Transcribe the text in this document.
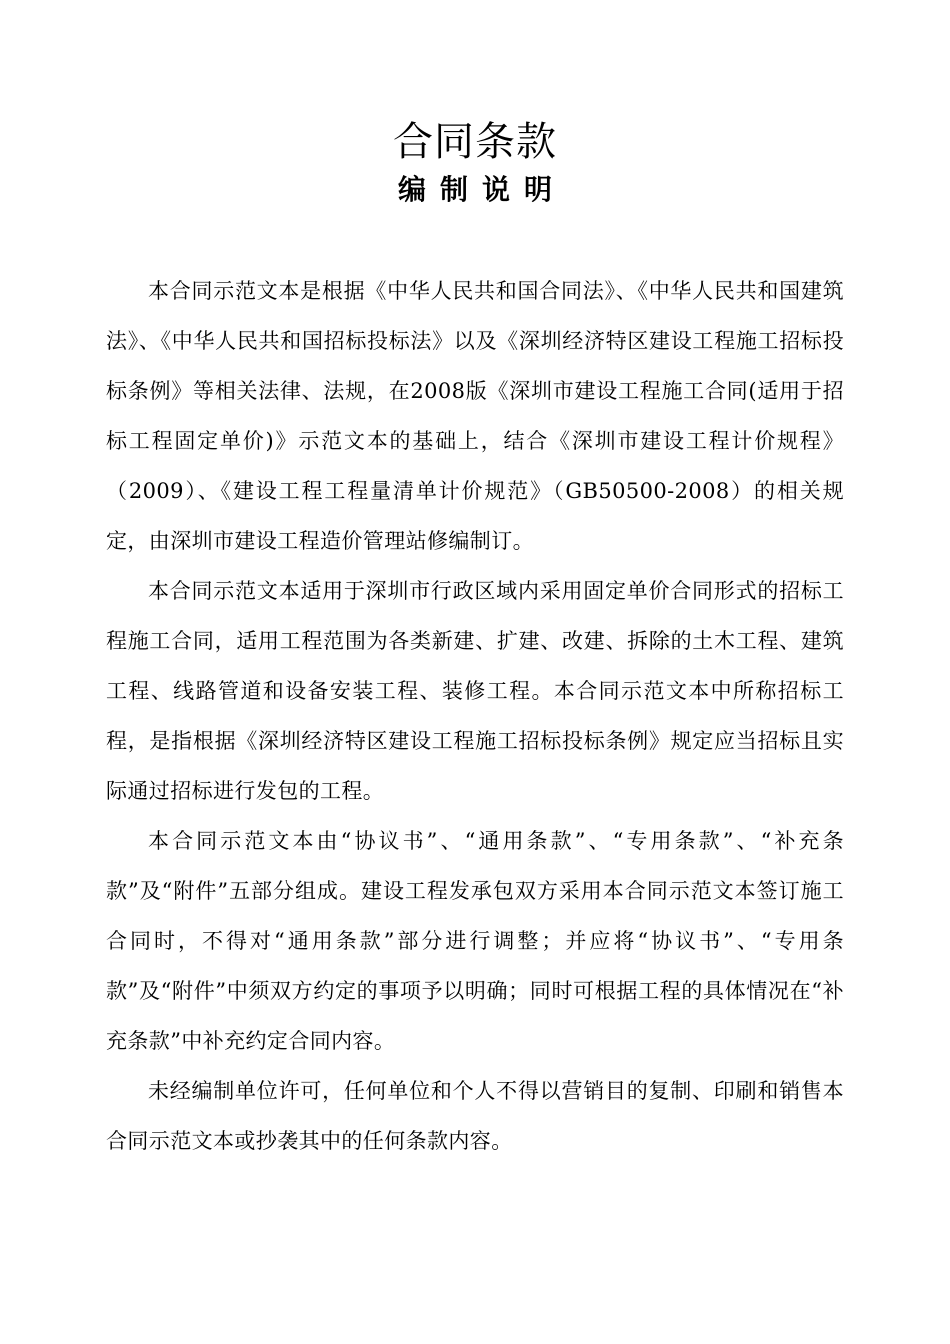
合同条款
编制说明

本合同示范文本是根据《中华人民共和国合同法》、《中华人民共和国建筑法》、《中华人民共和国招标投标法》以及《深圳经济特区建设工程施工招标投标条例》等相关法律、法规，在2008版《深圳市建设工程施工合同(适用于招标工程固定单价)》示范文本的基础上，结合《深圳市建设工程计价规程》（2009）、《建设工程工程量清单计价规范》（GB50500-2008）的相关规定，由深圳市建设工程造价管理站修编制订。

本合同示范文本适用于深圳市行政区域内采用固定单价合同形式的招标工程施工合同，适用工程范围为各类新建、扩建、改建、拆除的土木工程、建筑工程、线路管道和设备安装工程、装修工程。本合同示范文本中所称招标工程，是指根据《深圳经济特区建设工程施工招标投标条例》规定应当招标且实际通过招标进行发包的工程。

本合同示范文本由“协议书”、“通用条款”、“专用条款”、“补充条款”及“附件”五部分组成。建设工程发承包双方采用本合同示范文本签订施工合同时，不得对“通用条款”部分进行调整；并应将“协议书”、“专用条款”及“附件”中须双方约定的事项予以明确；同时可根据工程的具体情况在“补充条款”中补充约定合同内容。

未经编制单位许可，任何单位和个人不得以营销目的复制、印刷和销售本合同示范文本或抄袭其中的任何条款内容。
